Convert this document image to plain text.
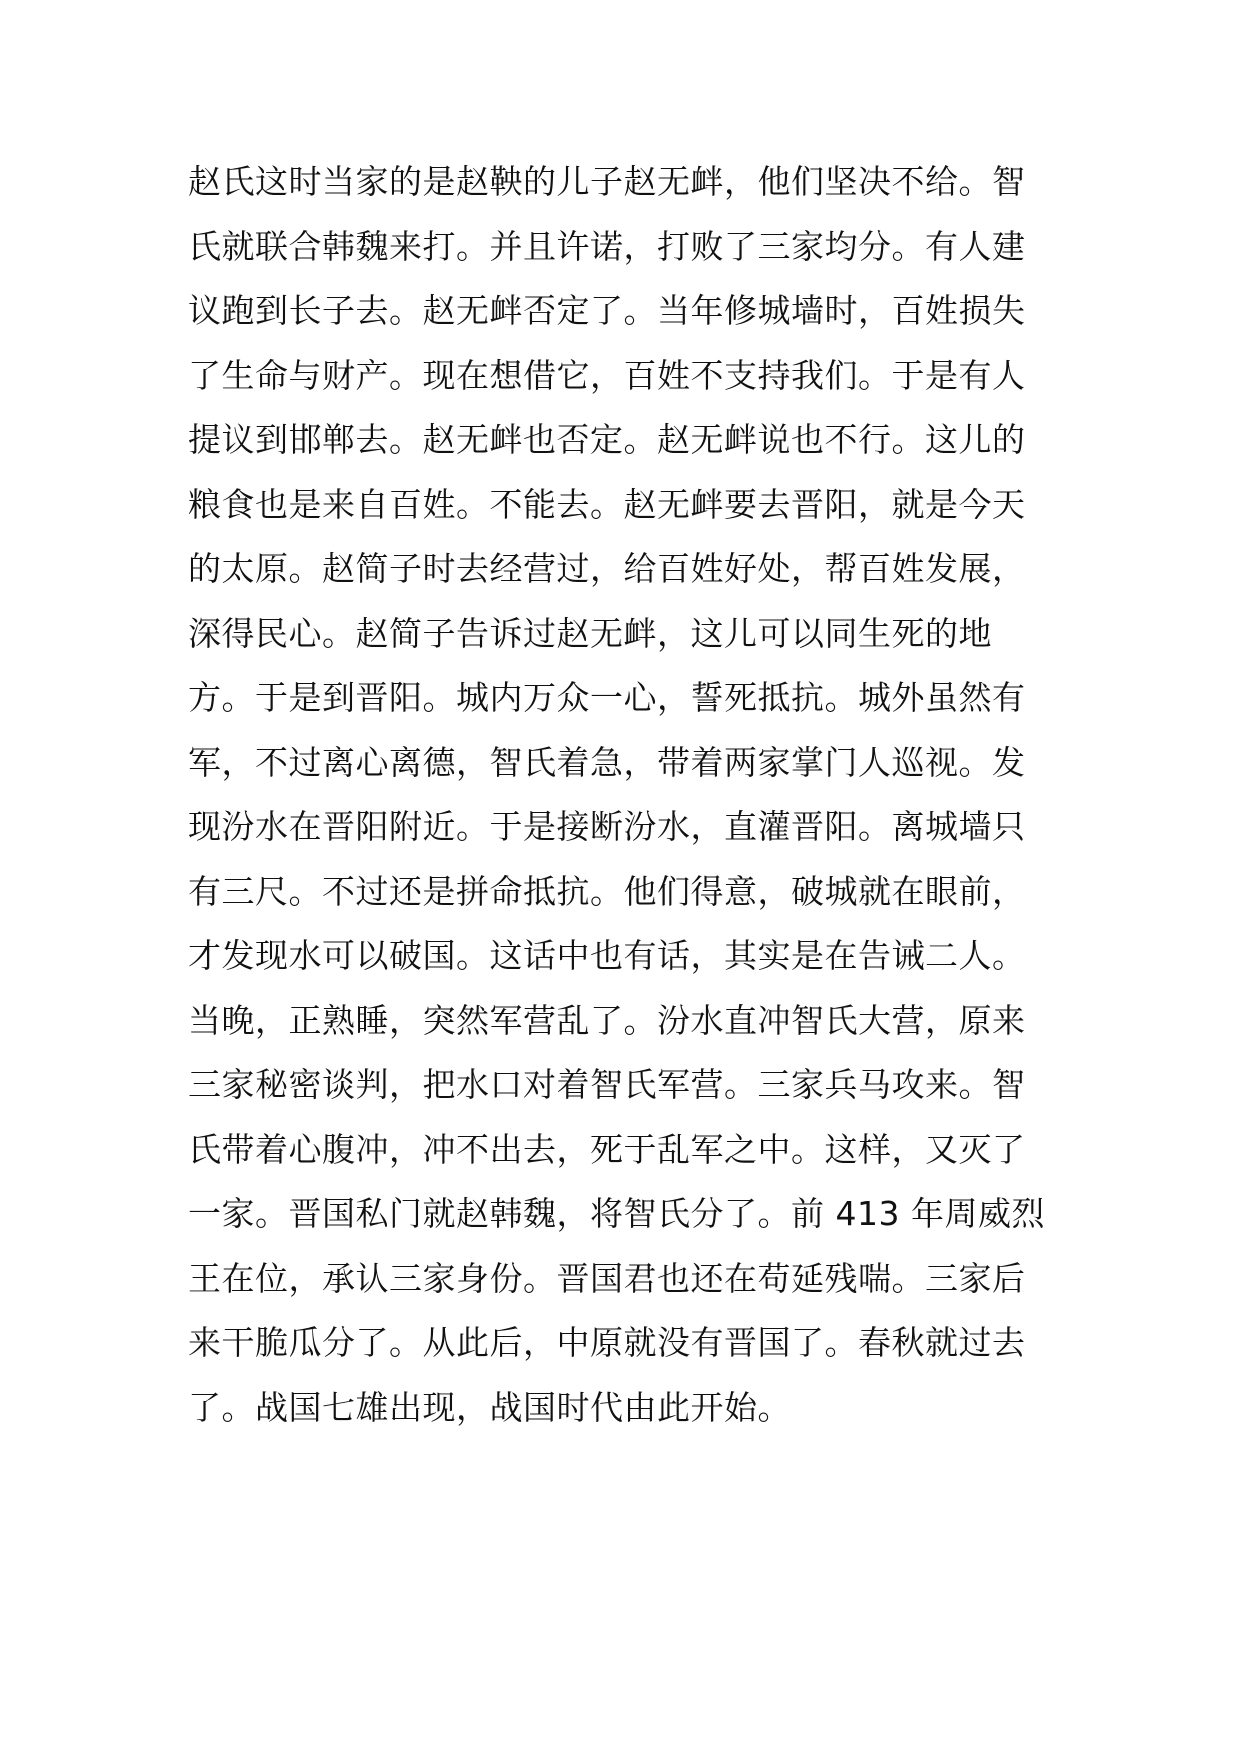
赵氏这时当家的是赵鞅的儿子赵无衅，他们坚决不给。智
氏就联合韩魏来打。并且许诺，打败了三家均分。有人建
议跑到长子去。赵无衅否定了。当年修城墙时，百姓损失
了生命与财产。现在想借它，百姓不支持我们。于是有人
提议到邯郸去。赵无衅也否定。赵无衅说也不行。这儿的
粮食也是来自百姓。不能去。赵无衅要去晋阳，就是今天
的太原。赵简子时去经营过，给百姓好处，帮百姓发展，
深得民心。赵简子告诉过赵无衅，这儿可以同生死的地
方。于是到晋阳。城内万众一心，誓死抵抗。城外虽然有
军，不过离心离德，智氏着急，带着两家掌门人巡视。发
现汾水在晋阳附近。于是接断汾水，直灌晋阳。离城墙只
有三尺。不过还是拼命抵抗。他们得意，破城就在眼前，
才发现水可以破国。这话中也有话，其实是在告诫二人。
当晚，正熟睡，突然军营乱了。汾水直冲智氏大营，原来
三家秘密谈判，把水口对着智氏军营。三家兵马攻来。智
氏带着心腹冲，冲不出去，死于乱军之中。这样，又灭了
一家。晋国私门就赵韩魏，将智氏分了。前 413 年周威烈
王在位，承认三家身份。晋国君也还在苟延残喘。三家后
来干脆瓜分了。从此后，中原就没有晋国了。春秋就过去
了。战国七雄出现，战国时代由此开始。
